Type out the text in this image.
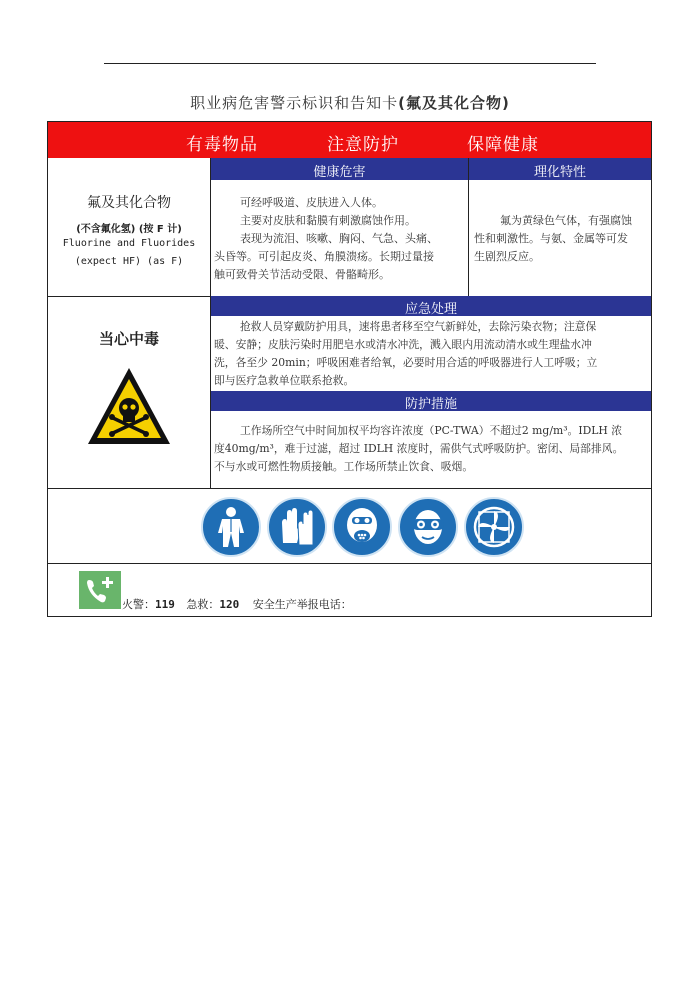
职业病危害警示标识和告知卡(氟及其化合物)
有毒物品	注意防护	保障健康
氟及其化合物
(不含氟化氢) (按 F 计)
Fluorine and Fluorides
(expect HF) (as F)
健康危害
可经呼吸道、皮肤进入人体。
主要对皮肤和黏膜有刺激腐蚀作用。
表现为流泪、咳嗽、胸闷、气急、头痛、
头昏等。可引起皮炎、角膜溃疡。长期过量接
触可致骨关节活动受限、骨骼畸形。
理化特性
氟为黄绿色气体，有强腐蚀
性和刺激性。与氨、金属等可发
生剧烈反应。
当心中毒
应急处理
抢救人员穿戴防护用具，速将患者移至空气新鲜处，去除污染衣物；注意保
暖、安静；皮肤污染时用肥皂水或清水冲洗，溅入眼内用流动清水或生理盐水冲
洗，各至少 20min；呼吸困难者给氧，必要时用合适的呼吸器进行人工呼吸；立
即与医疗急救单位联系抢救。
防护措施
工作场所空气中时间加权平均容许浓度（PC-TWA）不超过2 mg/m³。IDLH 浓
度40mg/m³，难于过滤，超过 IDLH 浓度时，需供气式呼吸防护。密闭、局部排风。
不与水或可燃性物质接触。工作场所禁止饮食、吸烟。
火警：119 急救：120 安全生产举报电话：
